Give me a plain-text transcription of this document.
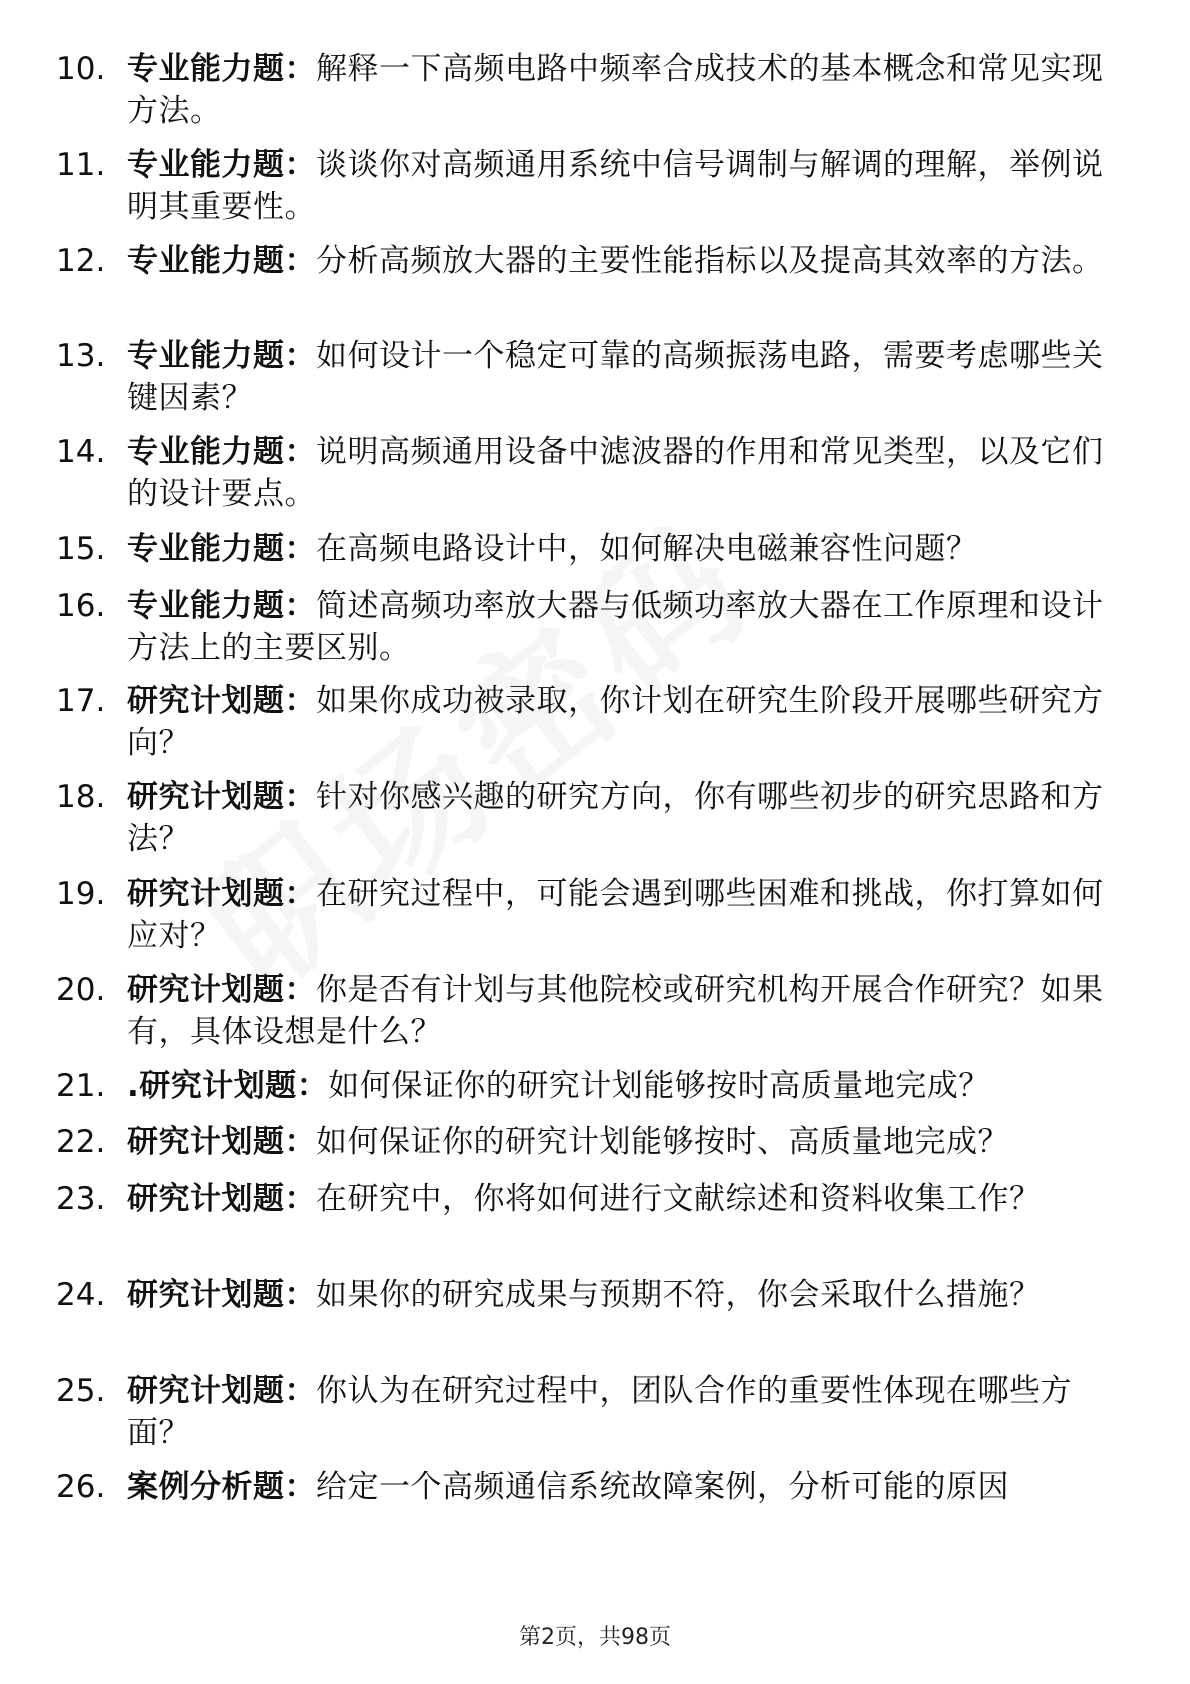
10. 专业能力题：解释一下高频电路中频率合成技术的基本概念和常见实现方法。
11. 专业能力题：谈谈你对高频通用系统中信号调制与解调的理解，举例说明其重要性。
12. 专业能力题：分析高频放大器的主要性能指标以及提高其效率的方法。
13. 专业能力题：如何设计一个稳定可靠的高频振荡电路，需要考虑哪些关键因素？
14. 专业能力题：说明高频通用设备中滤波器的作用和常见类型，以及它们的设计要点。
15. 专业能力题：在高频电路设计中，如何解决电磁兼容性问题？
16. 专业能力题：简述高频功率放大器与低频功率放大器在工作原理和设计方法上的主要区别。
17. 研究计划题：如果你成功被录取，你计划在研究生阶段开展哪些研究方向？
18. 研究计划题：针对你感兴趣的研究方向，你有哪些初步的研究思路和方法？
19. 研究计划题：在研究过程中，可能会遇到哪些困难和挑战，你打算如何应对？
20. 研究计划题：你是否有计划与其他院校或研究机构开展合作研究？如果有，具体设想是什么？
21. .研究计划题：如何保证你的研究计划能够按时高质量地完成？
22. 研究计划题：如何保证你的研究计划能够按时、高质量地完成？
23. 研究计划题：在研究中，你将如何进行文献综述和资料收集工作？
24. 研究计划题：如果你的研究成果与预期不符，你会采取什么措施？
25. 研究计划题：你认为在研究过程中，团队合作的重要性体现在哪些方面？
26. 案例分析题：给定一个高频通信系统故障案例，分析可能的原因
第2页，共98页
